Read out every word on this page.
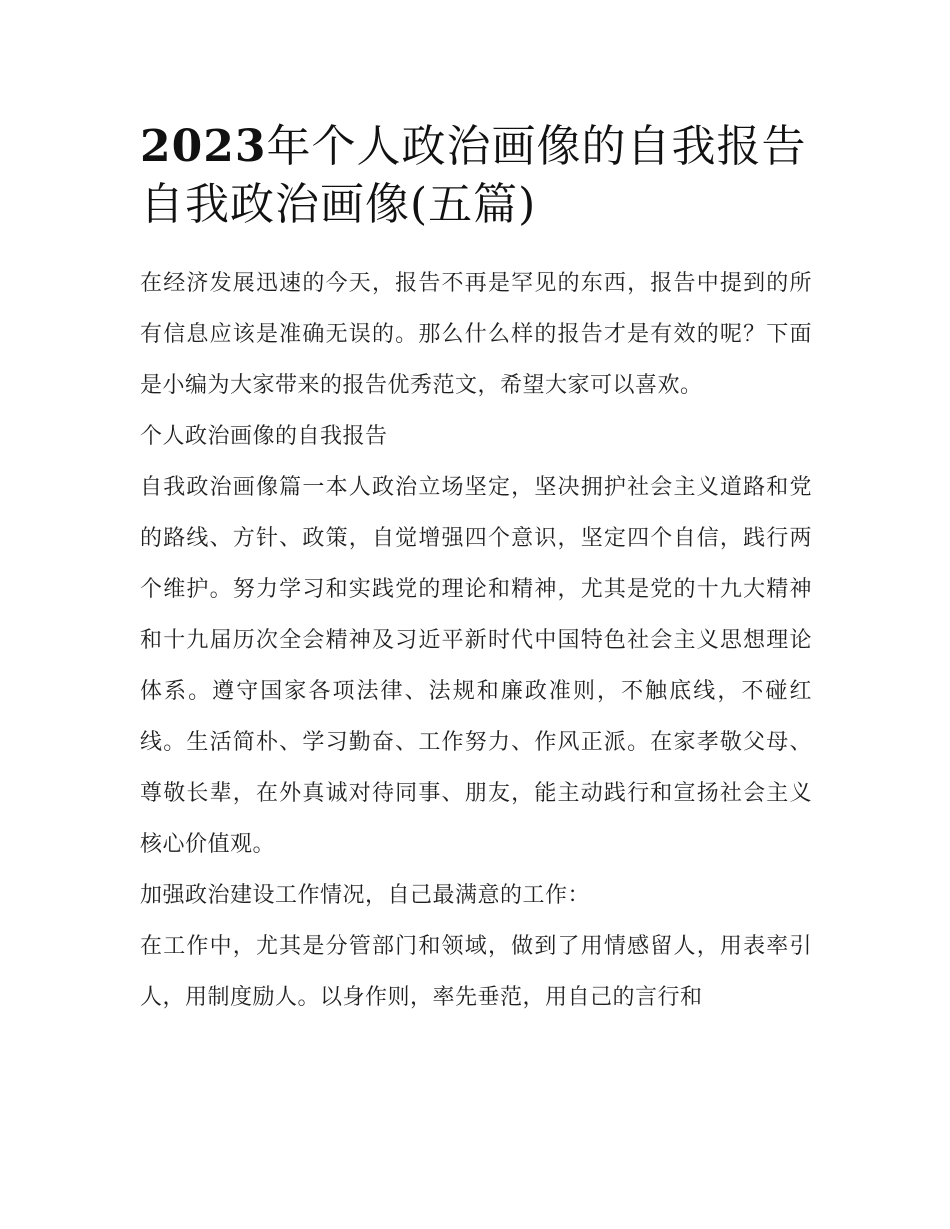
2023年个人政治画像的自我报告 自我政治画像(五篇)

在经济发展迅速的今天，报告不再是罕见的东西，报告中提到的所有信息应该是准确无误的。那么什么样的报告才是有效的呢？下面是小编为大家带来的报告优秀范文，希望大家可以喜欢。

个人政治画像的自我报告

自我政治画像篇一本人政治立场坚定，坚决拥护社会主义道路和党的路线、方针、政策，自觉增强四个意识，坚定四个自信，践行两个维护。努力学习和实践党的理论和精神，尤其是党的十九大精神和十九届历次全会精神及习近平新时代中国特色社会主义思想理论体系。遵守国家各项法律、法规和廉政准则，不触底线，不碰红线。生活简朴、学习勤奋、工作努力、作风正派。在家孝敬父母、尊敬长辈，在外真诚对待同事、朋友，能主动践行和宣扬社会主义核心价值观。

加强政治建设工作情况，自己最满意的工作：

在工作中，尤其是分管部门和领域，做到了用情感留人，用表率引人，用制度励人。以身作则，率先垂范，用自己的言行和
